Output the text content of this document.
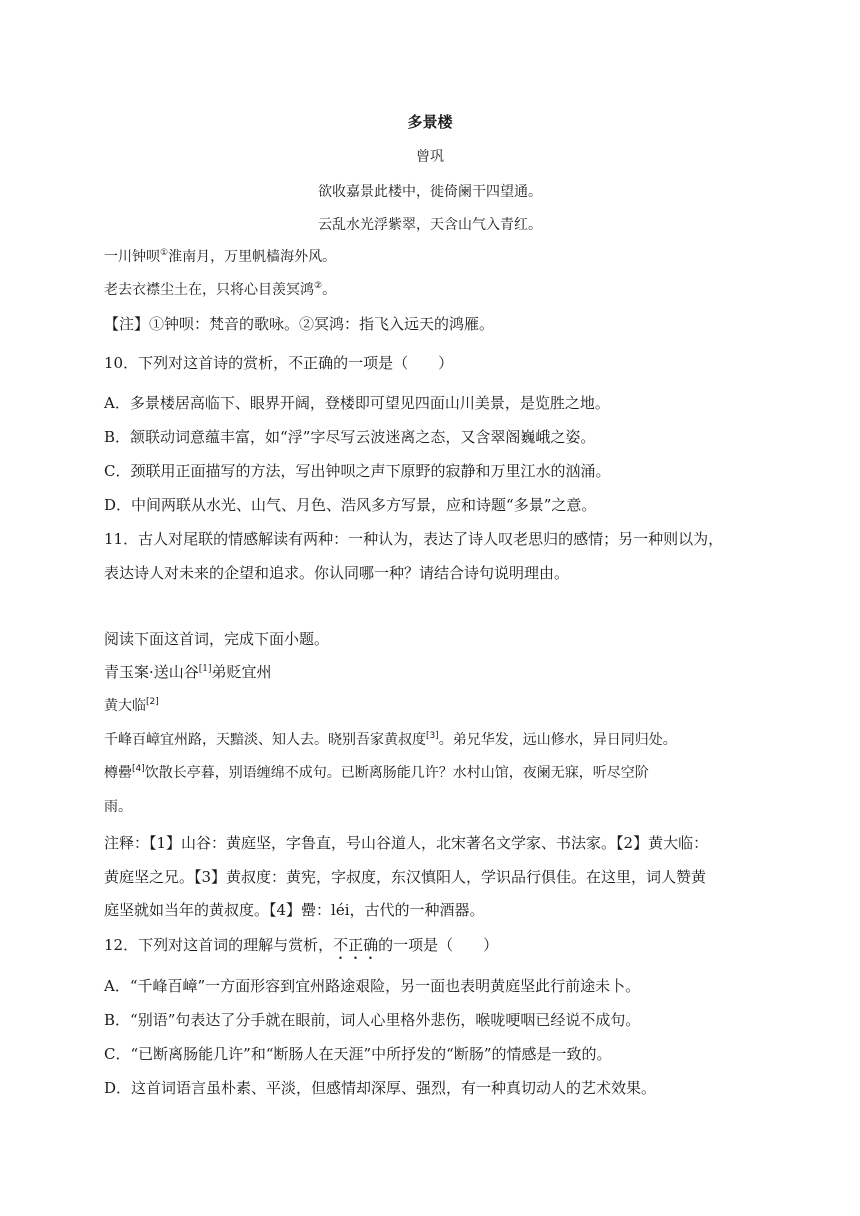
多景楼
曾巩
欲收嘉景此楼中，徙倚阑干四望通。
云乱水光浮紫翠，天含山气入青红。
一川钟呗①淮南月，万里帆樯海外风。
老去衣襟尘土在，只将心目羡冥鸿②。
【注】①钟呗：梵音的歌咏。②冥鸿：指飞入远天的鸿雁。
10．下列对这首诗的赏析，不正确的一项是（　　）
A．多景楼居高临下、眼界开阔，登楼即可望见四面山川美景，是览胜之地。
B．颔联动词意蕴丰富，如“浮”字尽写云波迷离之态，又含翠阁巍峨之姿。
C．颈联用正面描写的方法，写出钟呗之声下原野的寂静和万里江水的汹涌。
D．中间两联从水光、山气、月色、浩风多方写景，应和诗题“多景”之意。
11．古人对尾联的情感解读有两种：一种认为，表达了诗人叹老思归的感情；另一种则以为，
表达诗人对未来的企望和追求。你认同哪一种？请结合诗句说明理由。
阅读下面这首词，完成下面小题。
青玉案·送山谷[1]弟贬宜州
黄大临[2]
千峰百嶂宜州路，天黯淡、知人去。晓别吾家黄叔度[3]。弟兄华发，远山修水，异日同归处。
樽罍[4]饮散长亭暮，别语缠绵不成句。已断离肠能几许？水村山馆，夜阑无寐，听尽空阶
雨。
注释：【1】山谷：黄庭坚，字鲁直，号山谷道人，北宋著名文学家、书法家。【2】黄大临：
黄庭坚之兄。【3】黄叔度：黄宪，字叔度，东汉慎阳人，学识品行俱佳。在这里，词人赞黄
庭坚就如当年的黄叔度。【4】罍：léi，古代的一种酒器。
12．下列对这首词的理解与赏析，不正确的一项是（　　）
A．“千峰百嶂”一方面形容到宜州路途艰险，另一面也表明黄庭坚此行前途未卜。
B．“别语”句表达了分手就在眼前，词人心里格外悲伤，喉咙哽咽已经说不成句。
C．“已断离肠能几许”和“断肠人在天涯”中所抒发的“断肠”的情感是一致的。
D．这首词语言虽朴素、平淡，但感情却深厚、强烈，有一种真切动人的艺术效果。
